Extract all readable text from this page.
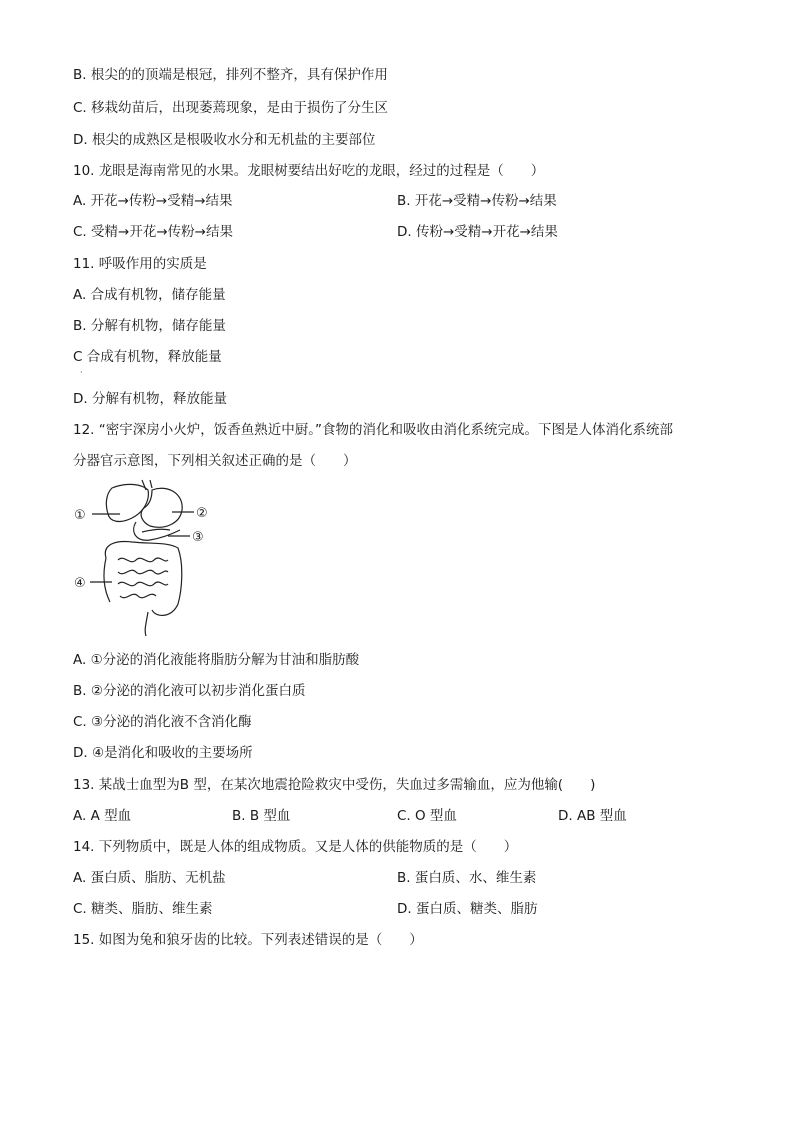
B. 根尖的的顶端是根冠，排列不整齐，具有保护作用
C. 移栽幼苗后，出现萎蔫现象，是由于损伤了分生区
D. 根尖的成熟区是根吸收水分和无机盐的主要部位
10. 龙眼是海南常见的水果。龙眼树要结出好吃的龙眼，经过的过程是（　　）
A. 开花→传粉→受精→结果	B. 开花→受精→传粉→结果
C. 受精→开花→传粉→结果	D. 传粉→受精→开花→结果
11. 呼吸作用的实质是
A. 合成有机物，储存能量
B. 分解有机物，储存能量
C 合成有机物，释放能量
·
D. 分解有机物，释放能量
12. “密宇深房小火炉，饭香鱼熟近中厨。”食物的消化和吸收由消化系统完成。下图是人体消化系统部
分器官示意图，下列相关叙述正确的是（　　）
①	②
③
④
A. ①分泌的消化液能将脂肪分解为甘油和脂肪酸
B. ②分泌的消化液可以初步消化蛋白质
C. ③分泌的消化液不含消化酶
D. ④是消化和吸收的主要场所
13. 某战士血型为B 型，在某次地震抢险救灾中受伤，失血过多需输血，应为他输(　　)
A. A 型血	B. B 型血	C. O 型血	D. AB 型血
14. 下列物质中，既是人体的组成物质。又是人体的供能物质的是（　　）
A. 蛋白质、脂肪、无机盐	B. 蛋白质、水、维生素
C. 糖类、脂肪、维生素	D. 蛋白质、糖类、脂肪
15. 如图为兔和狼牙齿的比较。下列表述错误的是（　　）
